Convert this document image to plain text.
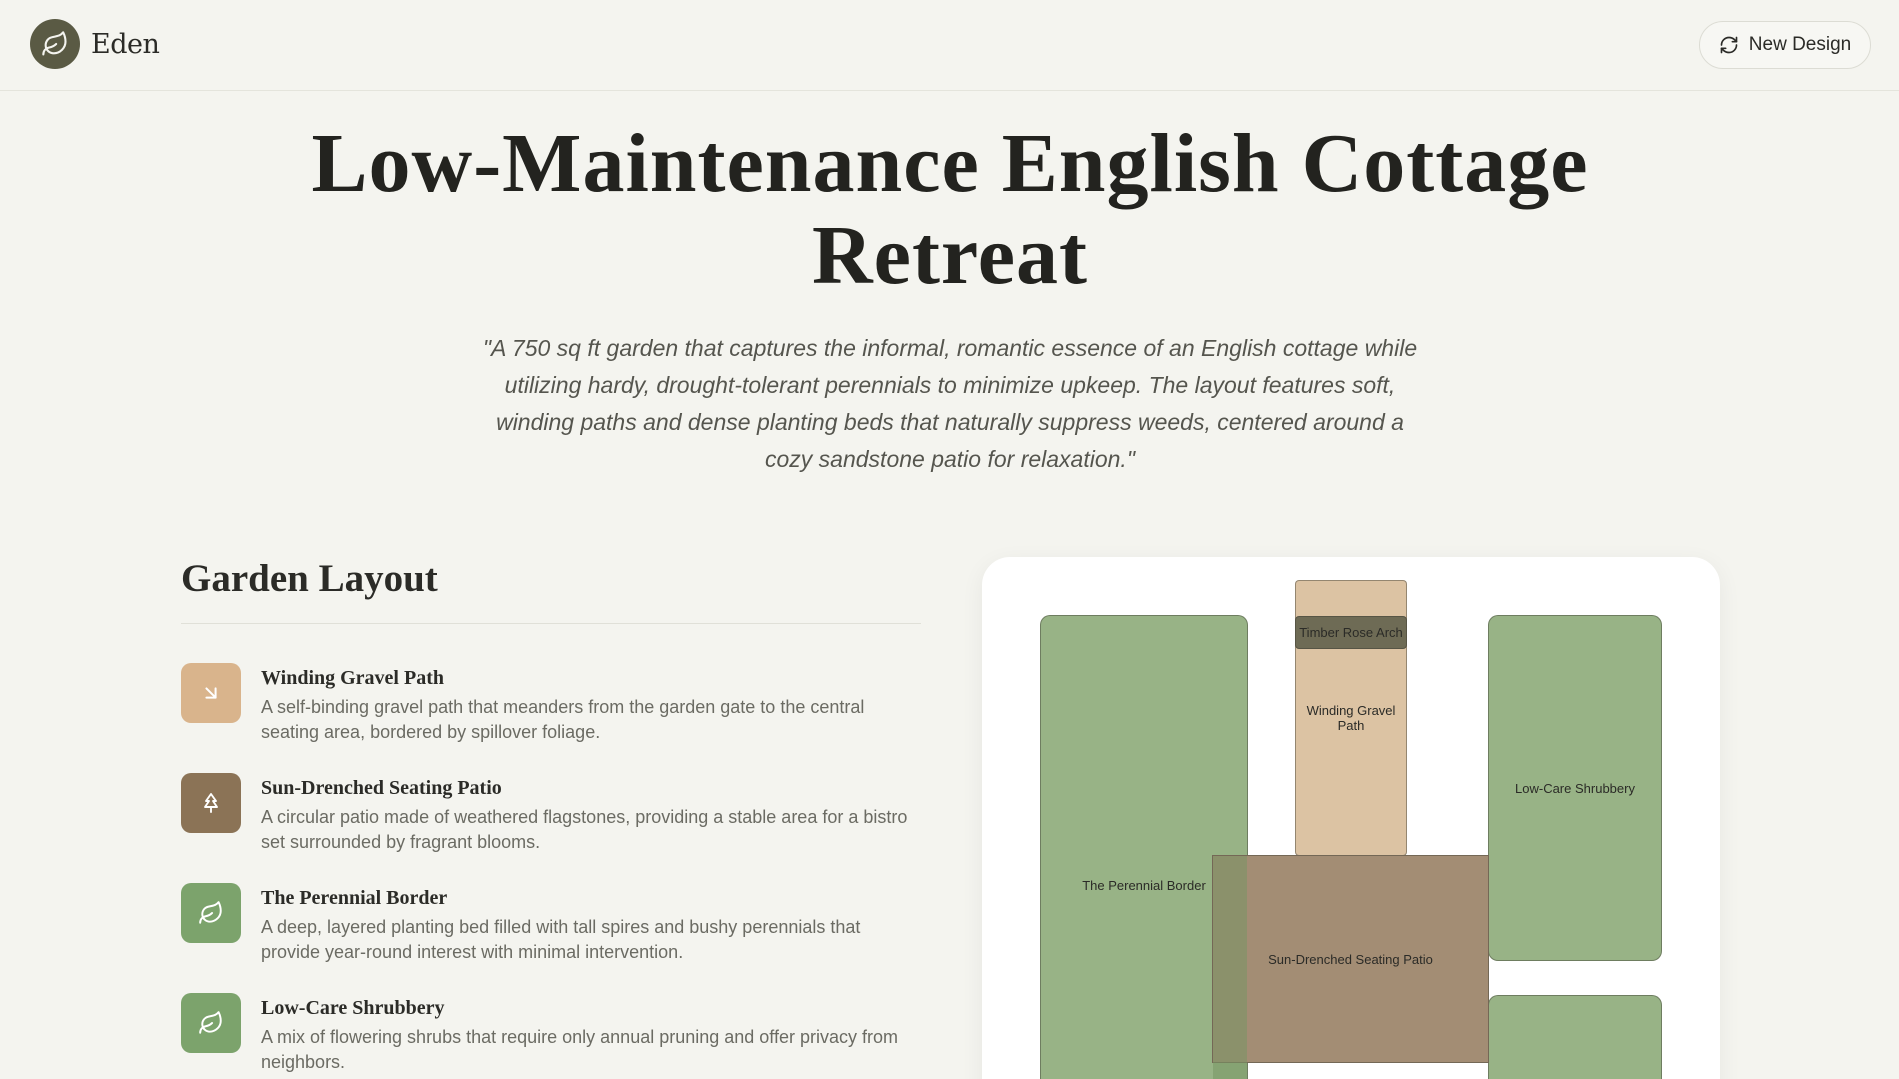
Eden	New Design
Low-Maintenance English Cottage Retreat

"A 750 sq ft garden that captures the informal, romantic essence of an English cottage while utilizing hardy, drought-tolerant perennials to minimize upkeep. The layout features soft, winding paths and dense planting beds that naturally suppress weeds, centered around a cozy sandstone patio for relaxation."

Garden Layout
Winding Gravel Path
A self-binding gravel path that meanders from the garden gate to the central seating area, bordered by spillover foliage.
Sun-Drenched Seating Patio
A circular patio made of weathered flagstones, providing a stable area for a bistro set surrounded by fragrant blooms.
The Perennial Border
A deep, layered planting bed filled with tall spires and bushy perennials that provide year-round interest with minimal intervention.
Low-Care Shrubbery
A mix of flowering shrubs that require only annual pruning and offer privacy from neighbors.
The Perennial Border
Winding Gravel Path
Timber Rose Arch
Low-Care Shrubbery
Sun-Drenched Seating Patio
